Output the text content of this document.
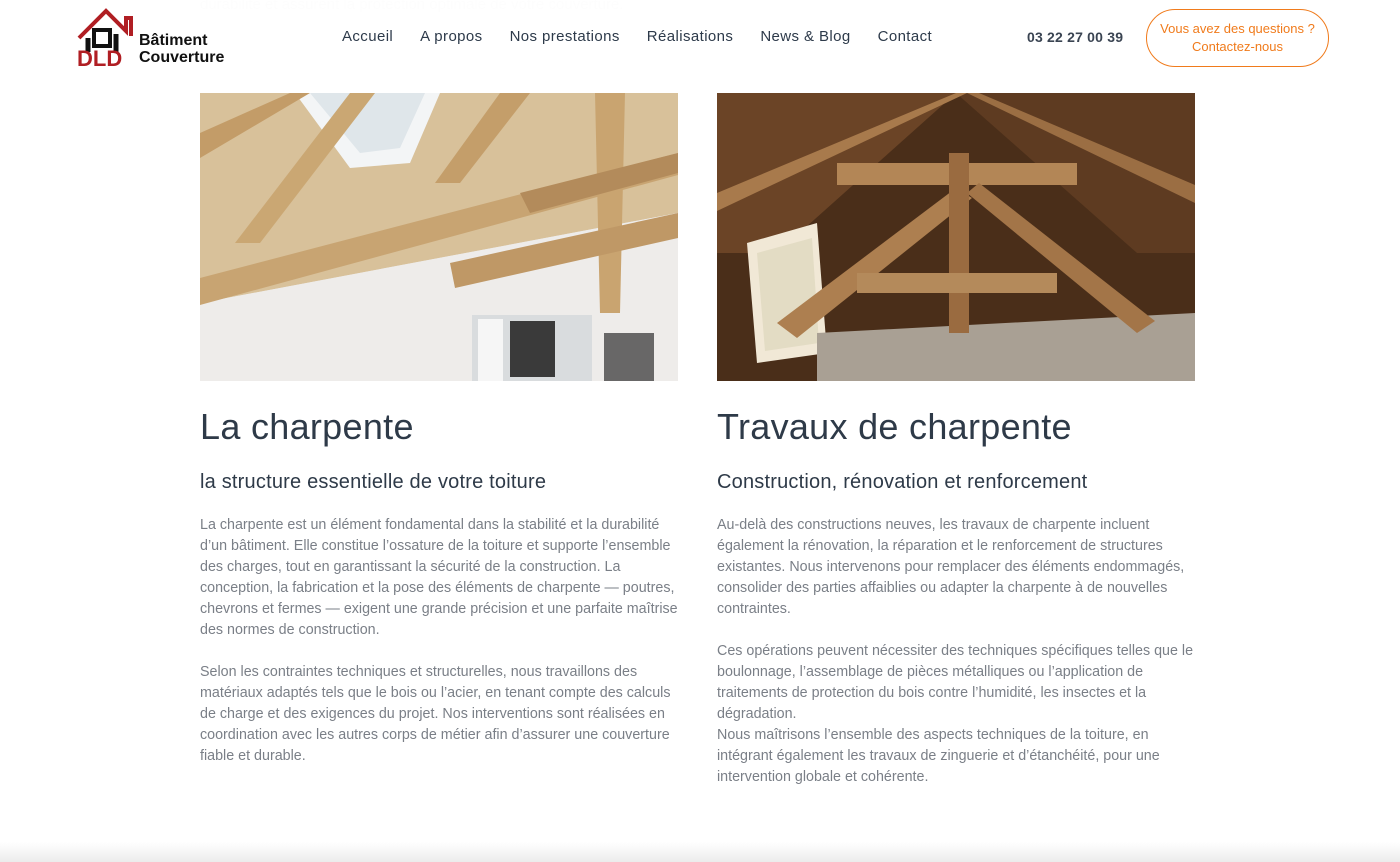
DLD
Bâtiment
Couverture
Accueil A propos Nos prestations Réalisations News & Blog Contact	03 22 27 00 39
Vous avez des questions ?
Contactez-nous
La charpente
la structure essentielle de votre toiture

La charpente est un élément fondamental dans la stabilité et la durabilité d’un bâtiment. Elle constitue l’ossature de la toiture et supporte l’ensemble des charges, tout en garantissant la sécurité de la construction. La conception, la fabrication et la pose des éléments de charpente — poutres, chevrons et fermes — exigent une grande précision et une parfaite maîtrise des normes de construction.

Selon les contraintes techniques et structurelles, nous travaillons des matériaux adaptés tels que le bois ou l’acier, en tenant compte des calculs de charge et des exigences du projet. Nos interventions sont réalisées en coordination avec les autres corps de métier afin d’assurer une couverture fiable et durable.

Travaux de charpente
Construction, rénovation et renforcement

Au-delà des constructions neuves, les travaux de charpente incluent également la rénovation, la réparation et le renforcement de structures existantes. Nous intervenons pour remplacer des éléments endommagés, consolider des parties affaiblies ou adapter la charpente à de nouvelles contraintes.

Ces opérations peuvent nécessiter des techniques spécifiques telles que le boulonnage, l’assemblage de pièces métalliques ou l’application de traitements de protection du bois contre l’humidité, les insectes et la dégradation.

Nous maîtrisons l’ensemble des aspects techniques de la toiture, en intégrant également les travaux de zinguerie et d’étanchéité, pour une intervention globale et cohérente.
